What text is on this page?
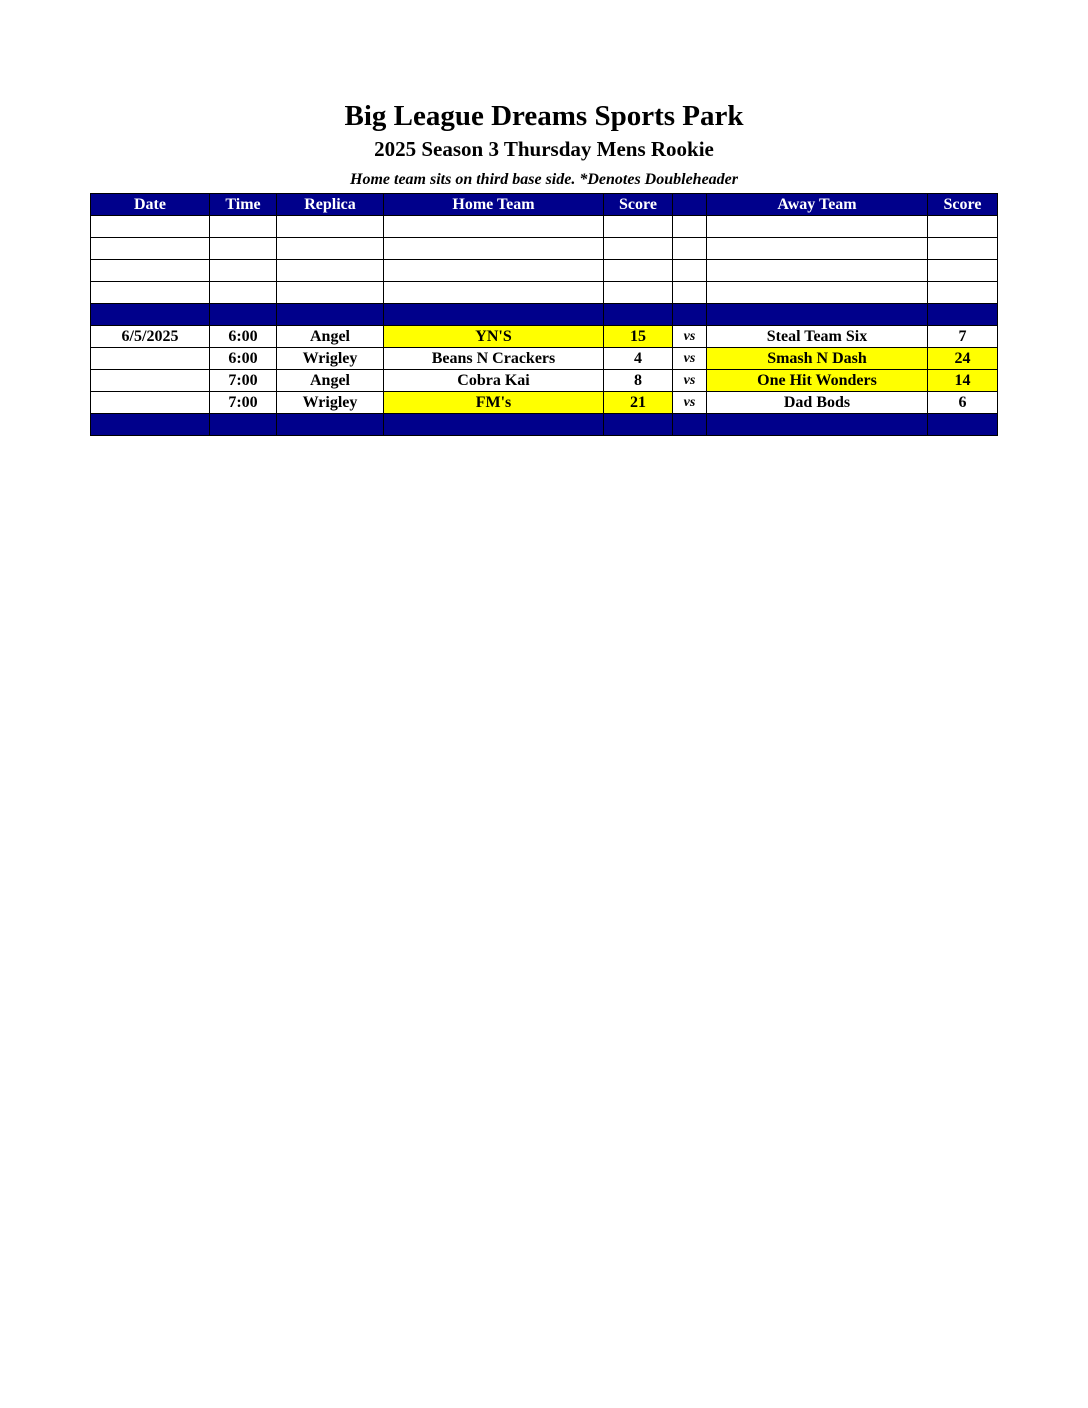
Big League Dreams Sports Park
2025 Season 3 Thursday Mens Rookie
Home team sits on third base side. *Denotes Doubleheader
Date	Time	Replica	Home Team	Score		Away Team	Score

6/5/2025	6:00	Angel	YN'S	15	vs	Steal Team Six	7
	6:00	Wrigley	Beans N Crackers	4	vs	Smash N Dash	24
	7:00	Angel	Cobra Kai	8	vs	One Hit Wonders	14
	7:00	Wrigley	FM's	21	vs	Dad Bods	6
